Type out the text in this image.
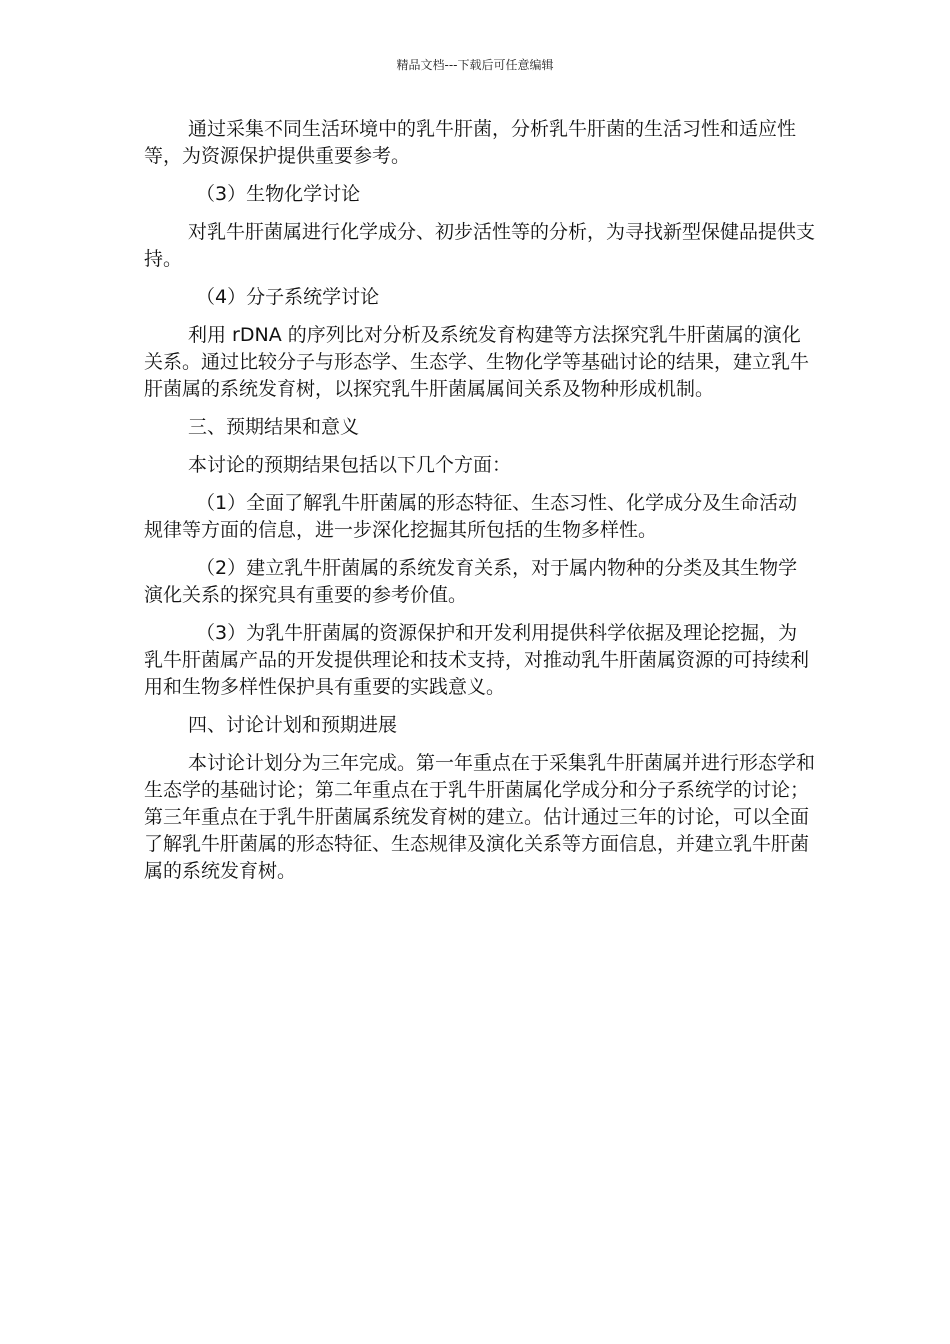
精品文档---下载后可任意编辑

通过采集不同生活环境中的乳牛肝菌，分析乳牛肝菌的生活习性和适应性等，为资源保护提供重要参考。

（3）生物化学讨论

对乳牛肝菌属进行化学成分、初步活性等的分析，为寻找新型保健品提供支持。

（4）分子系统学讨论

利用 rDNA 的序列比对分析及系统发育构建等方法探究乳牛肝菌属的演化关系。通过比较分子与形态学、生态学、生物化学等基础讨论的结果，建立乳牛肝菌属的系统发育树，以探究乳牛肝菌属属间关系及物种形成机制。

三、预期结果和意义

本讨论的预期结果包括以下几个方面：

（1）全面了解乳牛肝菌属的形态特征、生态习性、化学成分及生命活动规律等方面的信息，进一步深化挖掘其所包括的生物多样性。

（2）建立乳牛肝菌属的系统发育关系，对于属内物种的分类及其生物学演化关系的探究具有重要的参考价值。

（3）为乳牛肝菌属的资源保护和开发利用提供科学依据及理论挖掘，为乳牛肝菌属产品的开发提供理论和技术支持，对推动乳牛肝菌属资源的可持续利用和生物多样性保护具有重要的实践意义。

四、讨论计划和预期进展

本讨论计划分为三年完成。第一年重点在于采集乳牛肝菌属并进行形态学和生态学的基础讨论；第二年重点在于乳牛肝菌属化学成分和分子系统学的讨论；第三年重点在于乳牛肝菌属系统发育树的建立。估计通过三年的讨论，可以全面了解乳牛肝菌属的形态特征、生态规律及演化关系等方面信息，并建立乳牛肝菌属的系统发育树。
